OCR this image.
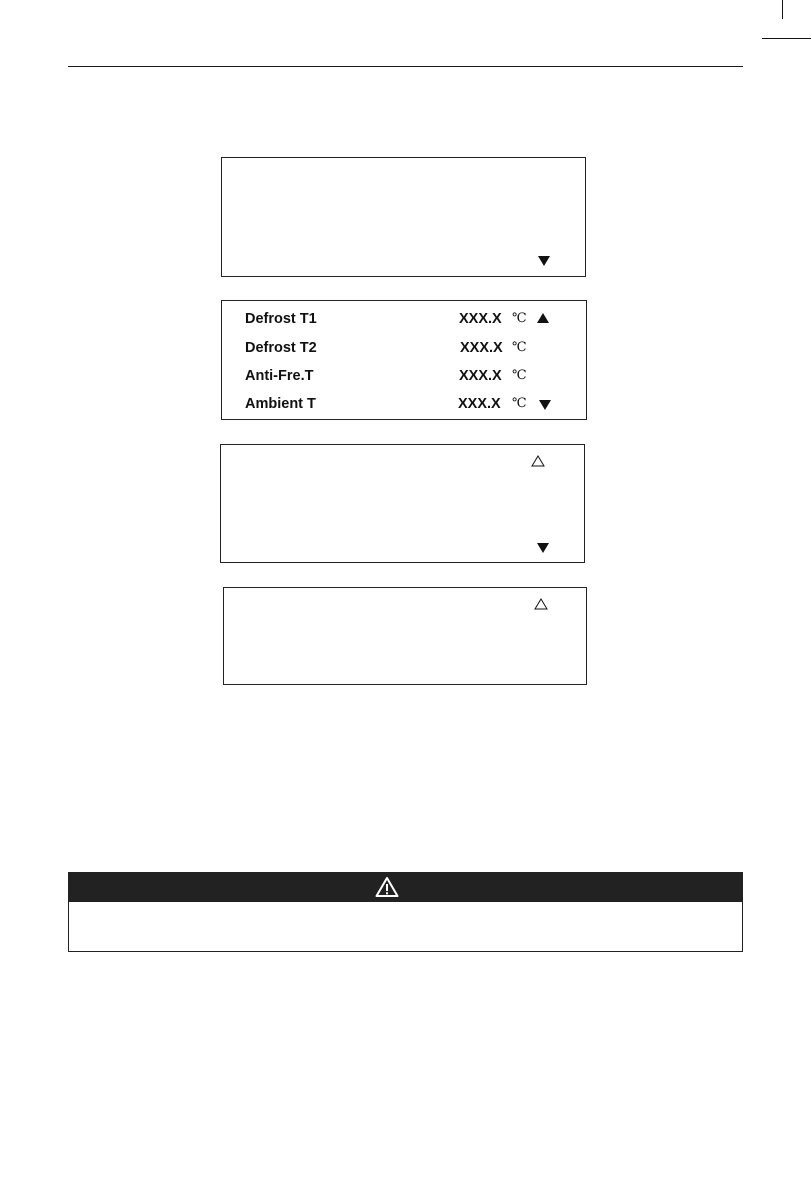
Defrost T1	XXX.X ℃
Defrost T2	XXX.X ℃
Anti-Fre.T	XXX.X ℃
Ambient T	XXX.X ℃
